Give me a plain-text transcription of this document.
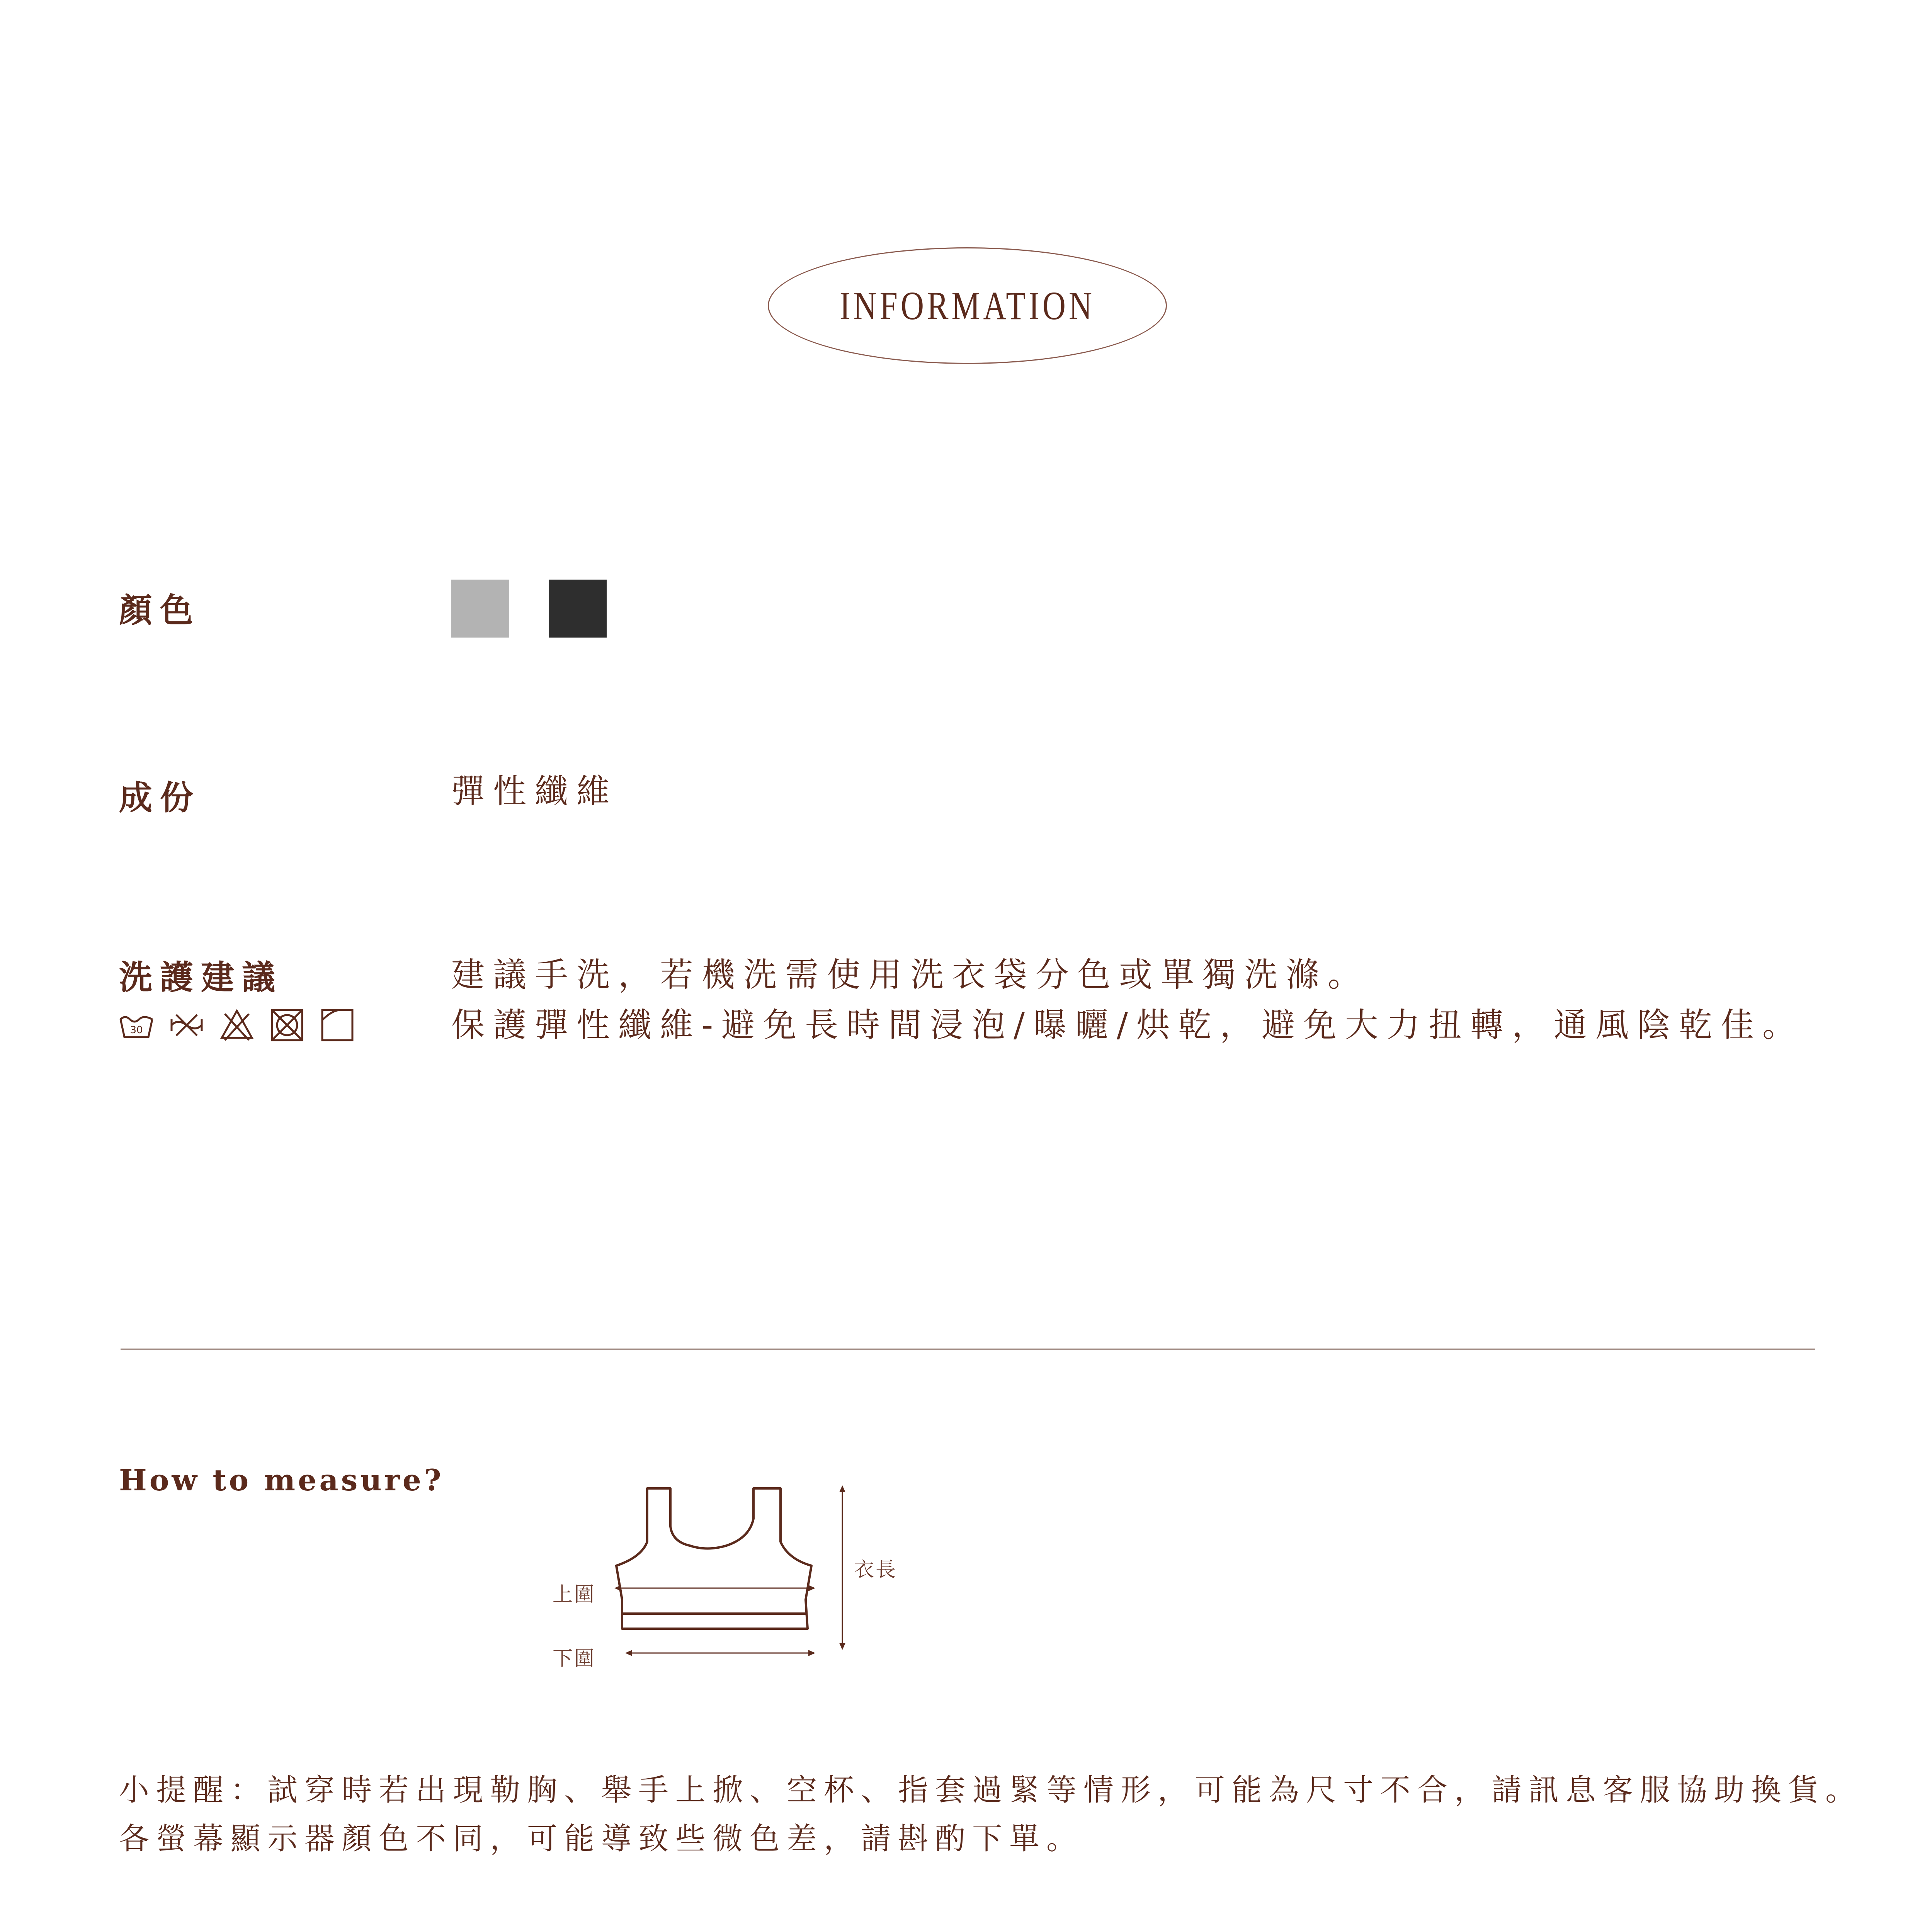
INFORMATION
顏色
成份	彈性纖維
洗護建議
30
建議手洗，若機洗需使用洗衣袋分色或單獨洗滌。
保護彈性纖維-避免長時間浸泡/曝曬/烘乾，避免大力扭轉，通風陰乾佳。
How to measure?
衣長
上圍
下圍
小提醒：試穿時若出現勒胸、舉手上掀、空杯、指套過緊等情形，可能為尺寸不合，請訊息客服協助換貨。
各螢幕顯示器顏色不同，可能導致些微色差，請斟酌下單。
